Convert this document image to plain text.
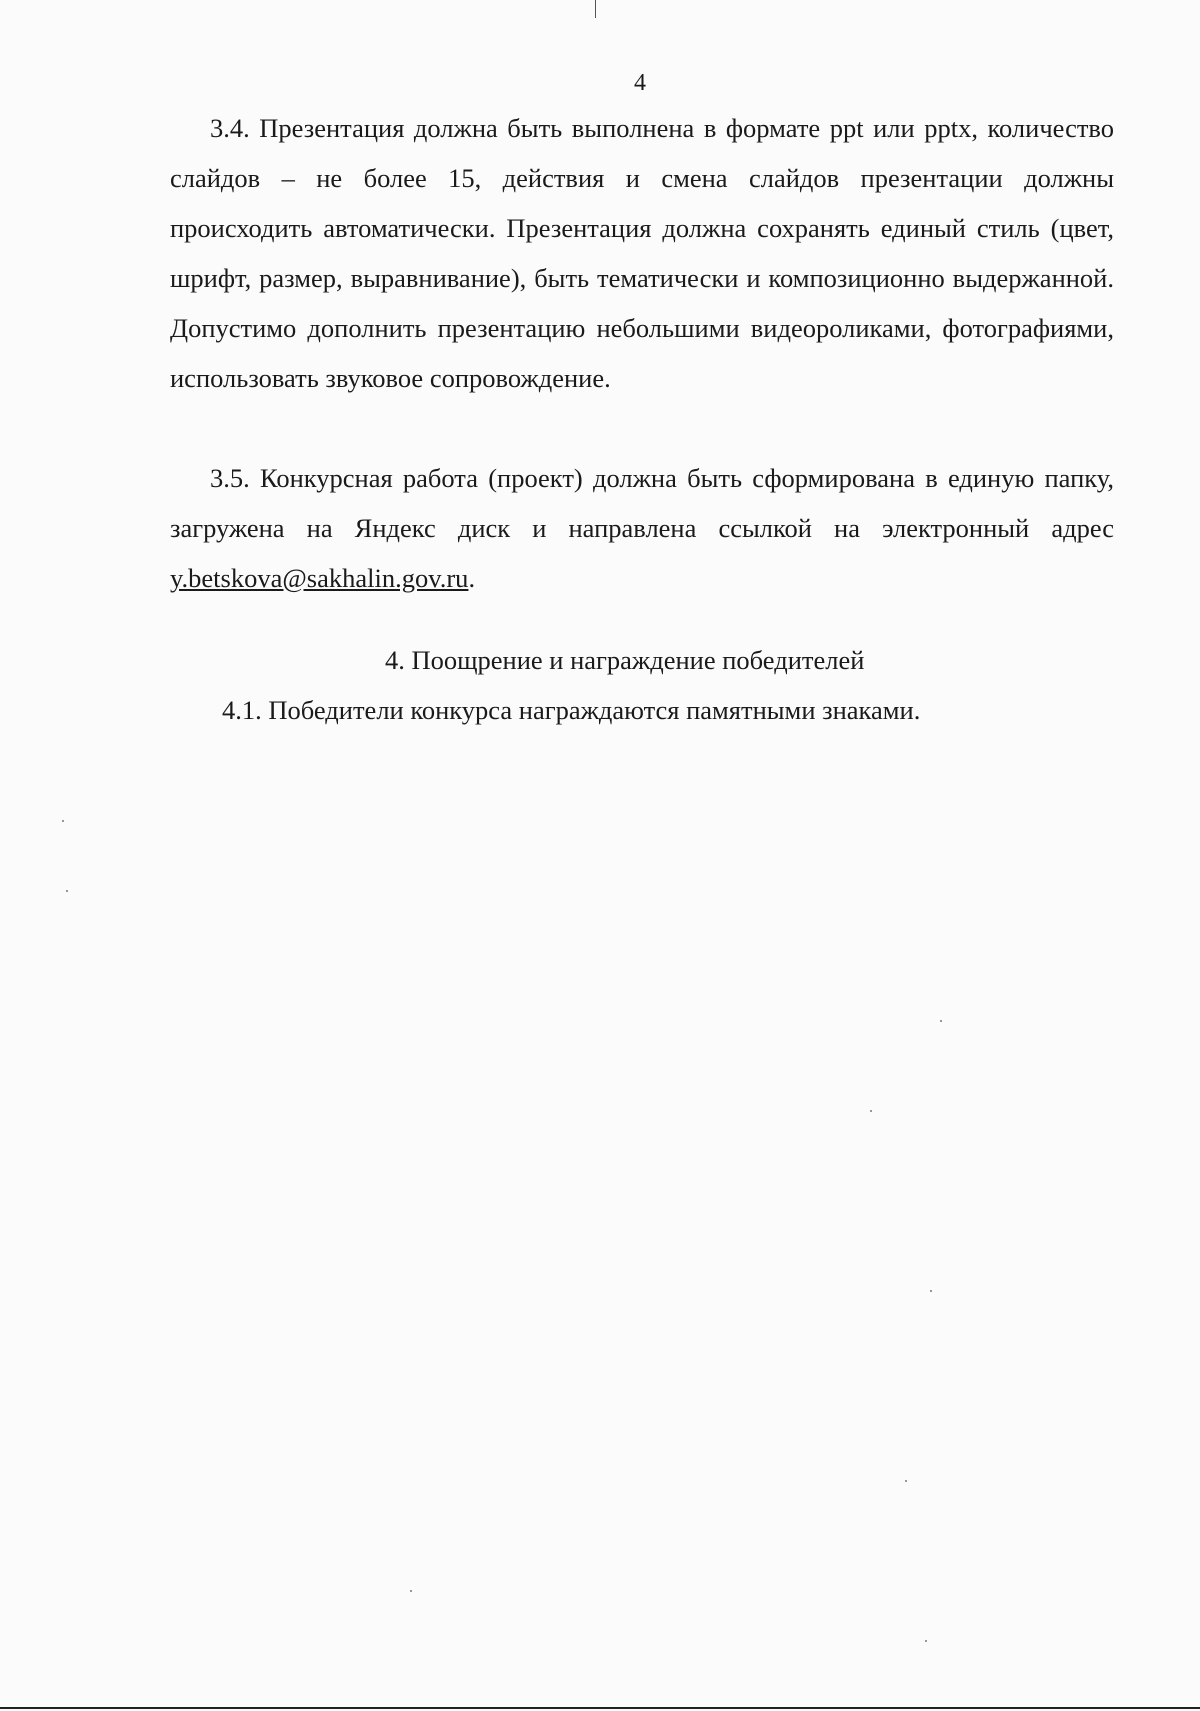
4

3.4. Презентация должна быть выполнена в формате ppt или pptx, количество слайдов – не более 15, действия и смена слайдов презентации должны происходить автоматически. Презентация должна сохранять единый стиль (цвет, шрифт, размер, выравнивание), быть тематически и композиционно выдержанной. Допустимо дополнить презентацию небольшими видеороликами, фотографиями, использовать звуковое сопровождение.

3.5. Конкурсная работа (проект) должна быть сформирована в единую папку, загружена на Яндекс диск и направлена ссылкой на электронный адрес y.betskova@sakhalin.gov.ru.

4. Поощрение и награждение победителей
4.1. Победители конкурса награждаются памятными знаками.
